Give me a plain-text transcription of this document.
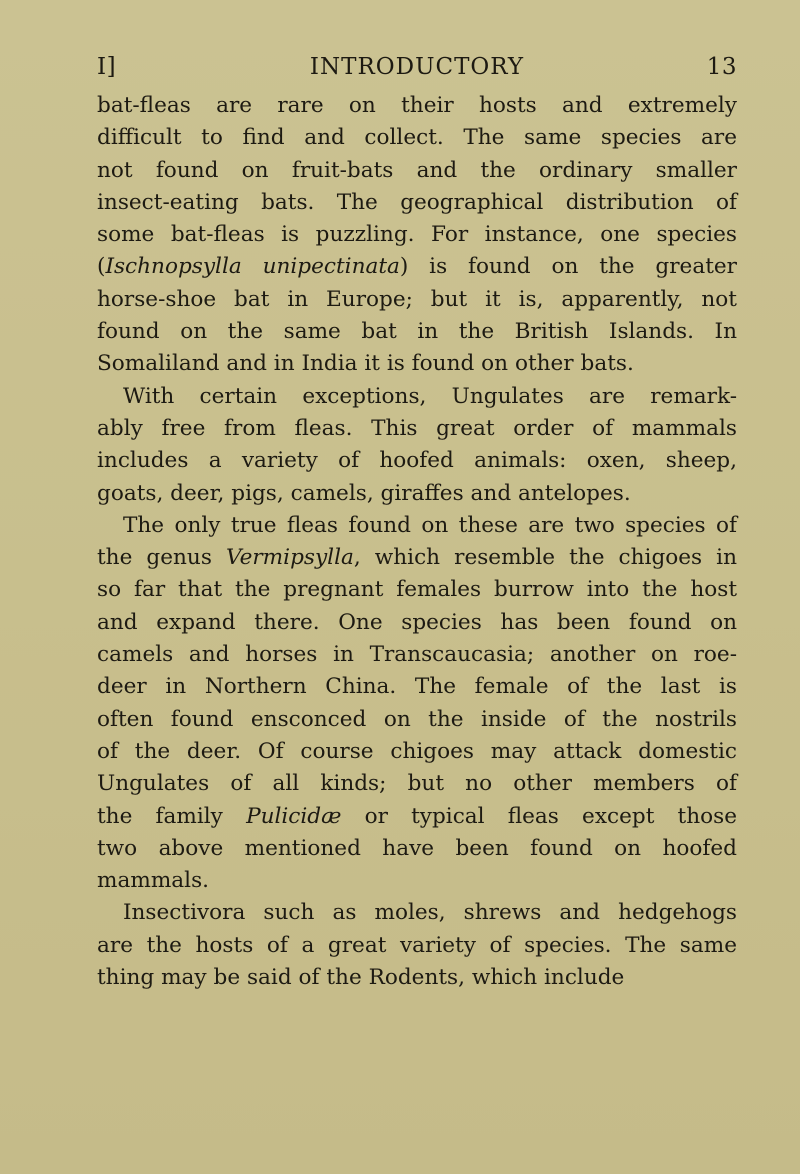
I]	INTRODUCTORY	13
bat-fleas are rare on their hosts and extremely
difficult to find and collect. The same species are
not found on fruit-bats and the ordinary smaller
insect-eating bats. The geographical distribution of
some bat-fleas is puzzling. For instance, one species
(Ischnopsylla unipectinata) is found on the greater
horse-shoe bat in Europe; but it is, apparently, not
found on the same bat in the British Islands. In
Somaliland and in India it is found on other bats.
With certain exceptions, Ungulates are remark-
ably free from fleas. This great order of mammals
includes a variety of hoofed animals: oxen, sheep,
goats, deer, pigs, camels, giraffes and antelopes.
The only true fleas found on these are two species of
the genus Vermipsylla, which resemble the chigoes in
so far that the pregnant females burrow into the host
and expand there. One species has been found on
camels and horses in Transcaucasia; another on roe-
deer in Northern China. The female of the last is
often found ensconced on the inside of the nostrils
of the deer. Of course chigoes may attack domestic
Ungulates of all kinds; but no other members of
the family Pulicidæ or typical fleas except those
two above mentioned have been found on hoofed
mammals.
Insectivora such as moles, shrews and hedgehogs
are the hosts of a great variety of species. The same
thing may be said of the Rodents, which include
